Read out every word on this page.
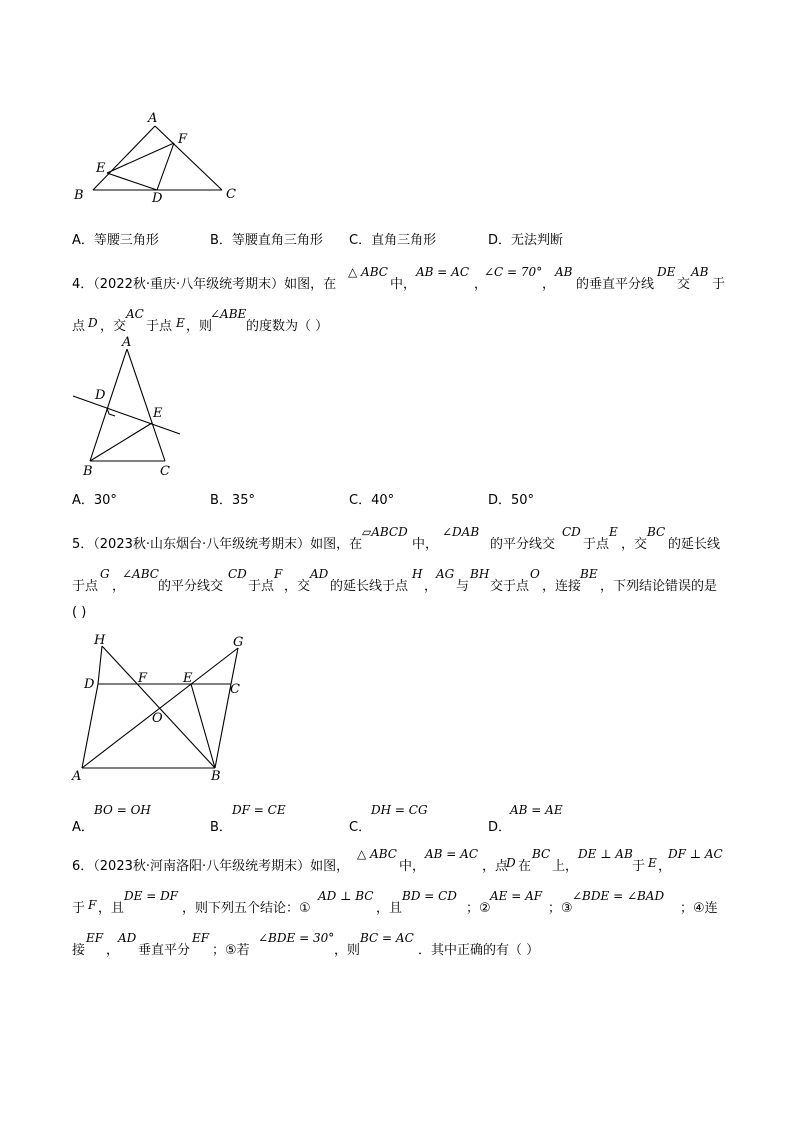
A
F
E
B	D	C
A．等腰三角形	B．等腰直角三角形 C．直角三角形	D．无法判断
4．（2022秋·重庆·八年级统考期末）如图，在
△ ABC
中，
AB = AC
，
∠C = 70°
，
AB
的垂直平分线
DE
交
AB
于
点 D ，交
AC
于点 E ，则
∠ABE
的度数为（ ）
A
D
E
B	C
A．30°	B．35°	C．40°	D．50°
5．（2023秋·山东烟台·八年级统考期末）如图，在
▱ABCD
中，
∠DAB
的平分线交
CD
于点
E
，交
BC
的延长线
于点
G
，
∠ABC
的平分线交
CD
于点
F
，交
AD
的延长线于点
H
，
AG
与
BH
交于点
O
，连接
BE
，下列结论错误的是
( )
H	G
D	F	E
C
O
A	B
A．
BO = OH
B．
DF = CE
C．
DH = CG
D．
AB = AE
6．（2023秋·河南洛阳·八年级统考期末）如图，
△ ABC
中，
AB = AC
，点
D 在
BC
上，
DE ⊥ AB
于 E ，
DF ⊥ AC
于 F ，且
DE = DF
，则下列五个结论：①
AD ⊥ BC
，且
BD = CD
；②
AE = AF
；③
∠BDE = ∠BAD
；④连
接
EF
，
AD
垂直平分
EF
；⑤若
∠BDE = 30°
，则
BC = AC
．其中正确的有（ ）
